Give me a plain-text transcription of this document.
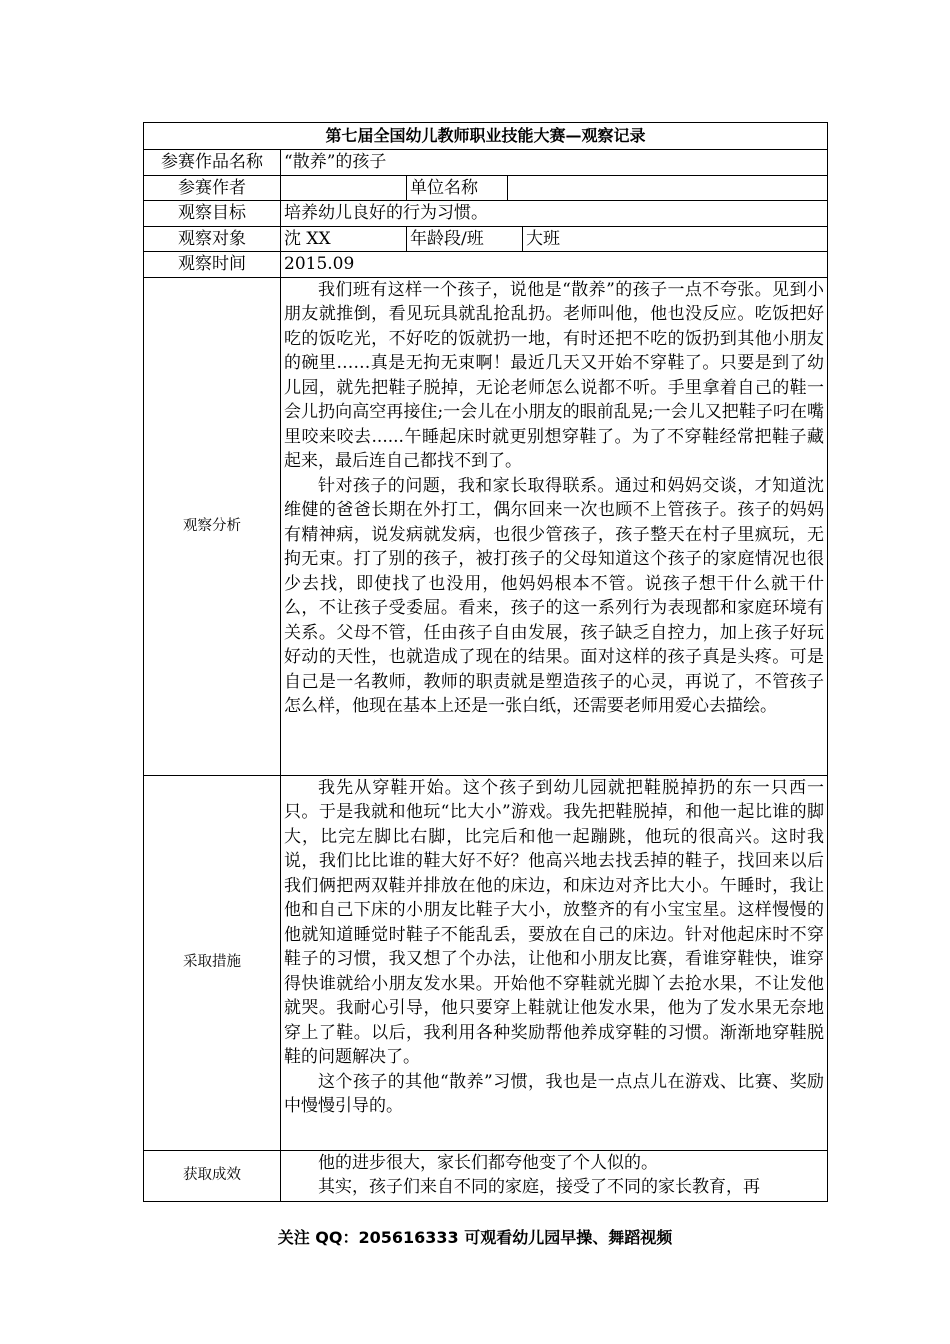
第七届全国幼儿教师职业技能大赛—观察记录				
参赛作品名称	“散养”的孩子			
参赛作者		单位名称		
观察目标	培养幼儿良好的行为习惯。			
观察对象	沈 XX	年龄段/班		大班
观察时间	2015.09			
观察分析	我们班有这样一个孩子，说他是“散养”的孩子一点不夸张。见到小朋友就推倒，看见玩具就乱抢乱扔。老师叫他，他也没反应。吃饭把好吃的饭吃光，不好吃的饭就扔一地，有时还把不吃的饭扔到其他小朋友的碗里……真是无拘无束啊！最近几天又开始不穿鞋了。只要是到了幼儿园，就先把鞋子脱掉，无论老师怎么说都不听。手里拿着自己的鞋一会儿扔向高空再接住;一会儿在小朋友的眼前乱晃;一会儿又把鞋子叼在嘴里咬来咬去......午睡起床时就更别想穿鞋了。为了不穿鞋经常把鞋子藏起来，最后连自己都找不到了。

针对孩子的问题，我和家长取得联系。通过和妈妈交谈，才知道沈维健的爸爸长期在外打工，偶尔回来一次也顾不上管孩子。孩子的妈妈有精神病，说发病就发病，也很少管孩子，孩子整天在村子里疯玩，无拘无束。打了别的孩子，被打孩子的父母知道这个孩子的家庭情况也很少去找，即使找了也没用，他妈妈根本不管。说孩子想干什么就干什么，不让孩子受委屈。看来，孩子的这一系列行为表现都和家庭环境有关系。父母不管，任由孩子自由发展，孩子缺乏自控力，加上孩子好玩好动的天性，也就造成了现在的结果。面对这样的孩子真是头疼。可是自己是一名教师，教师的职责就是塑造孩子的心灵，再说了，不管孩子怎么样，他现在基本上还是一张白纸，还需要老师用爱心去描绘。			

采取措施	我先从穿鞋开始。这个孩子到幼儿园就把鞋脱掉扔的东一只西一只。于是我就和他玩“比大小”游戏。我先把鞋脱掉，和他一起比谁的脚大，比完左脚比右脚，比完后和他一起蹦跳，他玩的很高兴。这时我说，我们比比谁的鞋大好不好？他高兴地去找丢掉的鞋子，找回来以后我们俩把两双鞋并排放在他的床边，和床边对齐比大小。午睡时，我让他和自己下床的小朋友比鞋子大小，放整齐的有小宝宝星。这样慢慢的他就知道睡觉时鞋子不能乱丢，要放在自己的床边。针对他起床时不穿鞋子的习惯，我又想了个办法，让他和小朋友比赛，看谁穿鞋快，谁穿得快谁就给小朋友发水果。开始他不穿鞋就光脚丫去抢水果，不让发他就哭。我耐心引导，他只要穿上鞋就让他发水果，他为了发水果无奈地穿上了鞋。以后，我利用各种奖励帮他养成穿鞋的习惯。渐渐地穿鞋脱鞋的问题解决了。

这个孩子的其他“散养”习惯，我也是一点点儿在游戏、比赛、奖励中慢慢引导的。			

获取成效	他的进步很大，家长们都夸他变了个人似的。

其实，孩子们来自不同的家庭，接受了不同的家长教育，再			

关注 QQ：205616333 可观看幼儿园早操、舞蹈视频
